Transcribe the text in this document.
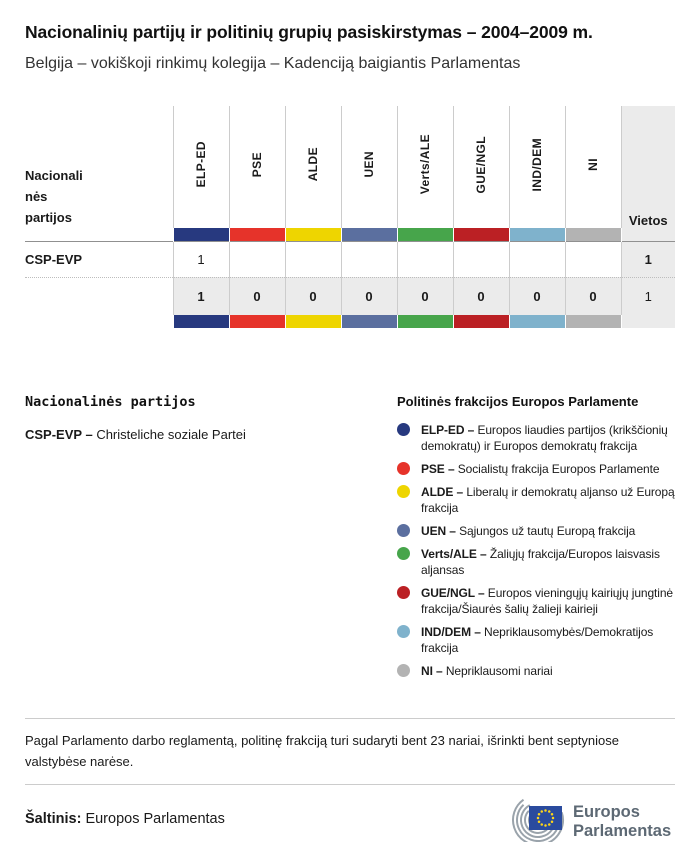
Nacionalinių partijų ir politinių grupių pasiskirstymas – 2004–2009 m.

Belgija – vokiškoji rinkimų kolegija – Kadenciją baigiantis Parlamentas

Nacionali
nės
partijos	ELP-ED	PSE	ALDE	UEN	Verts/ALE	GUE/NGL	IND/DEM	NI	Vietos

CSP-EVP	1								1
	1	0	0	0	0	0	0	0	1

Nacionalinės partijos
CSP-EVP – Christeliche soziale Partei
Politinės frakcijos Europos Parlamente
ELP-ED – Europos liaudies partijos (krikščionių demokratų) ir Europos demokratų frakcija
PSE – Socialistų frakcija Europos Parlamente
ALDE – Liberalų ir demokratų aljanso už Europą frakcija
UEN – Sąjungos už tautų Europą frakcija
Verts/ALE – Žaliųjų frakcija/Europos laisvasis aljansas
GUE/NGL – Europos vieningųjų kairiųjų jungtinė frakcija/Šiaurės šalių žalieji kairieji
IND/DEM – Nepriklausomybės/Demokratijos frakcija
NI – Nepriklausomi nariai

Pagal Parlamento darbo reglamentą, politinę frakciją turi sudaryti bent 23 nariai, išrinkti bent septyniose valstybėse narėse.

Šaltinis: Europos Parlamentas	Europos
Parlamentas
